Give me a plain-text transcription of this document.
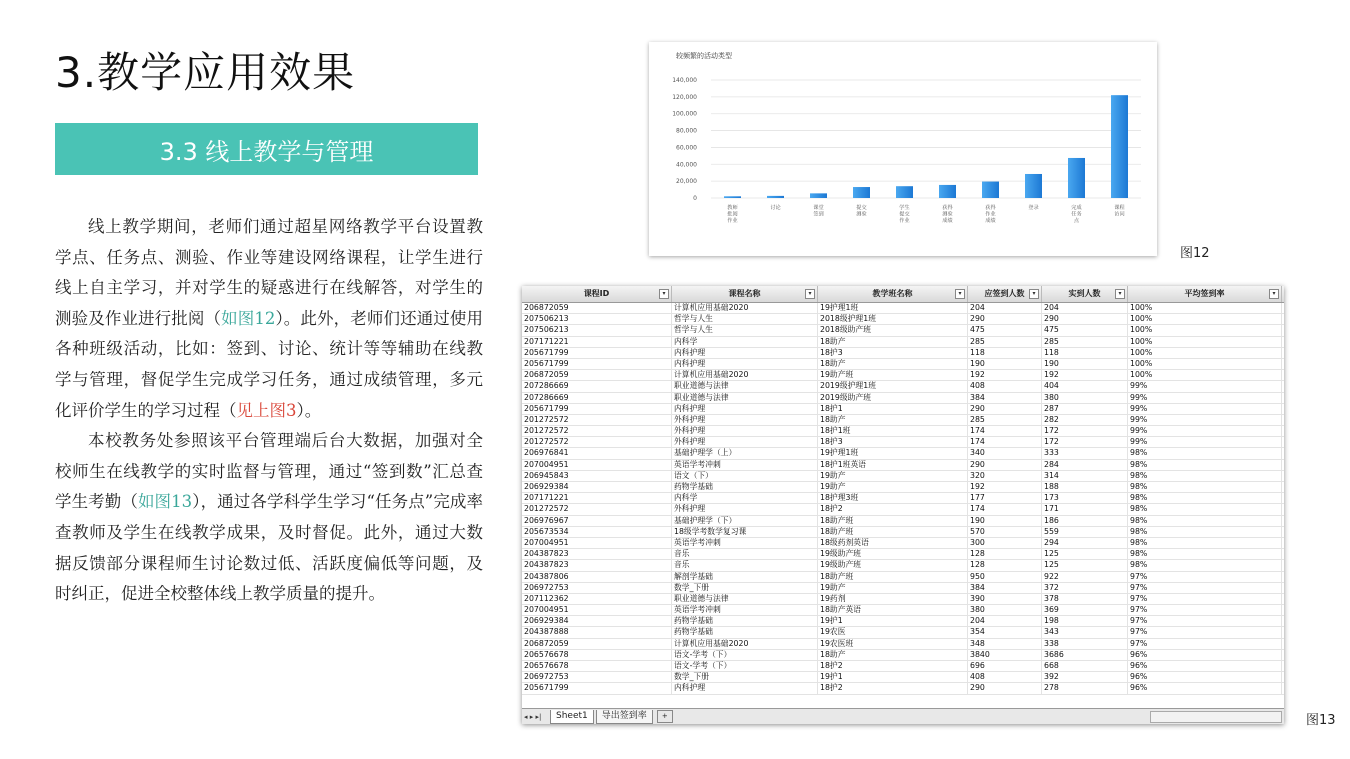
3.教学应用效果
3.3 线上教学与管理

线上教学期间，老师们通过超星网络教学平台设置教学点、任务点、测验、作业等建设网络课程，让学生进行线上自主学习，并对学生的疑惑进行在线解答，对学生的测验及作业进行批阅（如图12）。此外，老师们还通过使用各种班级活动，比如：签到、讨论、统计等等辅助在线教学与管理，督促学生完成学习任务，通过成绩管理，多元化评价学生的学习过程（见上图3）。

本校教务处参照该平台管理端后台大数据，加强对全校师生在线教学的实时监督与管理，通过“签到数”汇总查学生考勤（如图13），通过各学科学生学习“任务点”完成率查教师及学生在线教学成果，及时督促。此外，通过大数据反馈部分课程师生讨论数过低、活跃度偏低等问题，及时纠正，促进全校整体线上教学质量的提升。

较频繁的活动类型
140,000
120,000
100,000
80,000
60,000
40,000
20,000
0
教师批阅作业
讨论	课堂签到
提交测验
学生提交作业
获得测验成绩
获得作业成绩
登录	完成任务点
课程访问
图12
课程ID	▾	课程名称	▾	教学班名称	▾	应签到人数	▾	实到人数	▾	平均签到率	▾
206872059	计算机应用基础2020	19护理1班	204	204	100%
207506213	哲学与人生	2018级护理1班	290	290	100%
207506213	哲学与人生	2018级助产班	475	475	100%
207171221	内科学	18助产	285	285	100%
205671799	内科护理	18护3	118	118	100%
205671799	内科护理	18助产	190	190	100%
206872059	计算机应用基础2020	19助产班	192	192	100%
207286669	职业道德与法律	2019级护理1班	408	404	99%
207286669	职业道德与法律	2019级助产班	384	380	99%
205671799	内科护理	18护1	290	287	99%
201272572	外科护理	18助产	285	282	99%
201272572	外科护理	18护1班	174	172	99%
201272572	外科护理	18护3	174	172	99%
206976841	基础护理学（上）	19护理1班	340	333	98%
207004951	英语学考冲刺	18护1班英语	290	284	98%
206945843	语文（下）	19助产	320	314	98%
206929384	药物学基础	19助产	192	188	98%
207171221	内科学	18护理3班	177	173	98%
201272572	外科护理	18护2	174	171	98%
206976967	基础护理学（下）	18助产班	190	186	98%
205673534	18级学考数学复习课	18助产班	570	559	98%
207004951	英语学考冲刺	18级药剂英语	300	294	98%
204387823	音乐	19级助产班	128	125	98%
204387823	音乐	19级助产班	128	125	98%
204387806	解剖学基础	18助产班	950	922	97%
206972753	数学_下册	19助产	384	372	97%
207112362	职业道德与法律	19药剂	390	378	97%
207004951	英语学考冲刺	18助产英语	380	369	97%
206929384	药物学基础	19护1	204	198	97%
204387888	药物学基础	19农医	354	343	97%
206872059	计算机应用基础2020	19农医班	348	338	97%
206576678	语文-学考（下）	18助产	3840	3686	96%
206576678	语文-学考（下）	18护2	696	668	96%
206972753	数学_下册	19护1	408	392	96%
205671799	内科护理	18护2	290	278	96%
◂ ▸ ▸|	Sheet1	导出签到率	+	图13
